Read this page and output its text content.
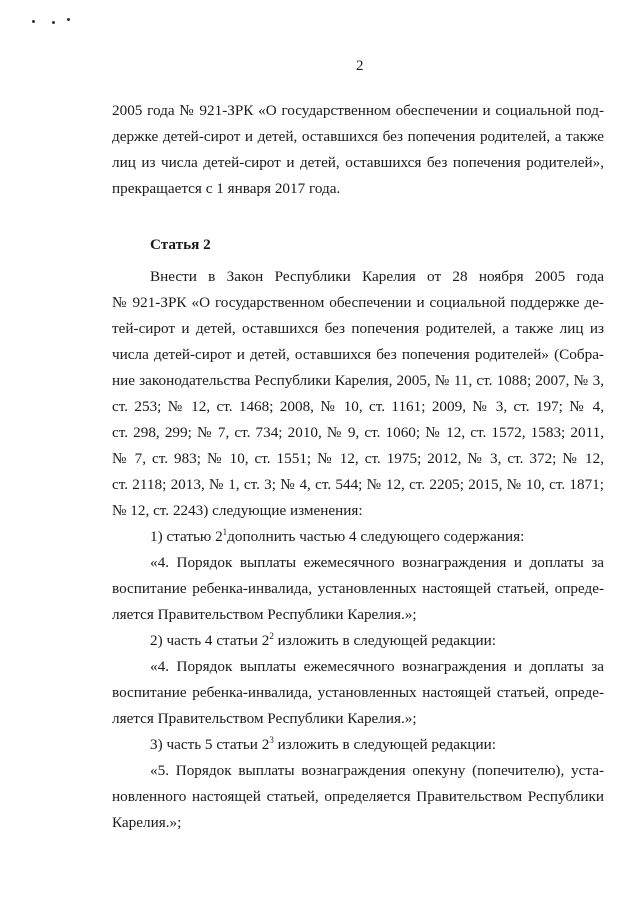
2

2005 года № 921-ЗРК «О государственном обеспечении и социальной под-
держке детей-сирот и детей, оставшихся без попечения родителей, а также
лиц из числа детей-сирот и детей, оставшихся без попечения родителей»,
прекращается с 1 января 2017 года.

Статья 2

Внести в Закон Республики Карелия от 28 ноября 2005 года
№ 921-ЗРК «О государственном обеспечении и социальной поддержке де-
тей-сирот и детей, оставшихся без попечения родителей, а также лиц из
числа детей-сирот и детей, оставшихся без попечения родителей» (Собра-
ние законодательства Республики Карелия, 2005, № 11, ст. 1088; 2007, № 3,
ст. 253; № 12, ст. 1468; 2008, № 10, ст. 1161; 2009, № 3, ст. 197; № 4,
ст. 298, 299; № 7, ст. 734; 2010, № 9, ст. 1060; № 12, ст. 1572, 1583; 2011,
№ 7, ст. 983; № 10, ст. 1551; № 12, ст. 1975; 2012, № 3, ст. 372; № 12,
ст. 2118; 2013, № 1, ст. 3; № 4, ст. 544; № 12, ст. 2205; 2015, № 10, ст. 1871;
№ 12, ст. 2243) следующие изменения:

1) статью $2^1дополнить$ частью 4 следующего содержания:

«4. Порядок выплаты ежемесячного вознаграждения и доплаты за
воспитание ребенка-инвалида, установленных настоящей статьей, опреде-
ляется Правительством Республики Карелия.»;

2) часть 4 статьи $2^2$ изложить в следующей редакции:

«4. Порядок выплаты ежемесячного вознаграждения и доплаты за
воспитание ребенка-инвалида, установленных настоящей статьей, опреде-
ляется Правительством Республики Карелия.»;

3) часть 5 статьи $2^3$ изложить в следующей редакции:

«5. Порядок выплаты вознаграждения опекуну (попечителю), уста-
новленного настоящей статьей, определяется Правительством Республики
Карелия.»;
